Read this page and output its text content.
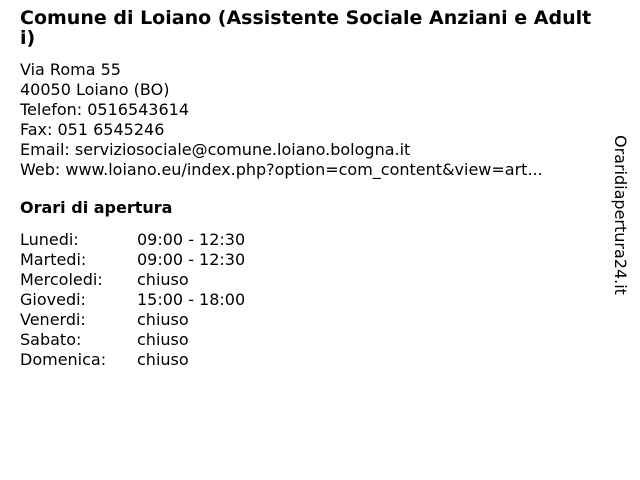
Comune di Loiano (Assistente Sociale Anziani e Adulti)
Via Roma 55
40050 Loiano (BO)
Telefon: 0516543614
Fax: 051 6545246
Email: serviziosociale@comune.loiano.bologna.it
Web: www.loiano.eu/index.php?option=com_content&view=art...
Orari di apertura
Lunedi:	09:00 - 12:30
Martedi:	09:00 - 12:30
Mercoledi:	chiuso
Giovedi:	15:00 - 18:00
Venerdi:	chiuso
Sabato:	chiuso
Domenica:	chiuso
Oraridiapertura24.it
